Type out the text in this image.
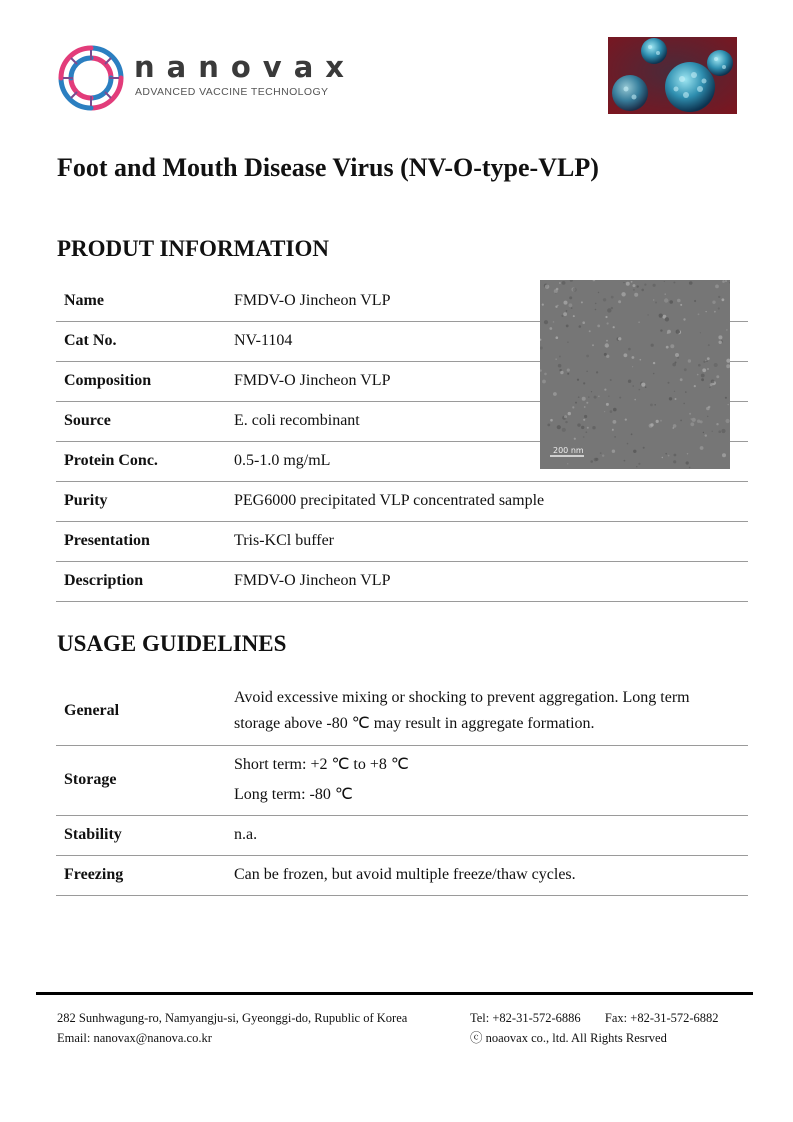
nanovax
ADVANCED VACCINE TECHNOLOGY
Foot and Mouth Disease Virus (NV-O-type-VLP)
PRODUT INFORMATION
Name	FMDV-O Jincheon VLP
Cat No.	NV-1104
Composition	FMDV-O Jincheon VLP
Source	E. coli recombinant
Protein Conc.	0.5-1.0 mg/mL
Purity	PEG6000 precipitated VLP concentrated sample
Presentation	Tris-KCl buffer
Description	FMDV-O Jincheon VLP
200 nm
USAGE GUIDELINES
General	Avoid excessive mixing or shocking to prevent aggregation. Long term
storage above -80 ℃ may result in aggregate formation.

Storage	Short term: +2 ℃ to +8 ℃
Long term: -80 ℃

Stability	n.a.
Freezing	Can be frozen, but avoid multiple freeze/thaw cycles.
282 Sunhwagung-ro, Namyangju-si, Gyeonggi-do, Rupublic of Korea
Email: nanovax@nanova.co.kr
Tel: +82-31-572-6886 Fax: +82-31-572-6882
ⓒ noaovax co., ltd. All Rights Resrved
